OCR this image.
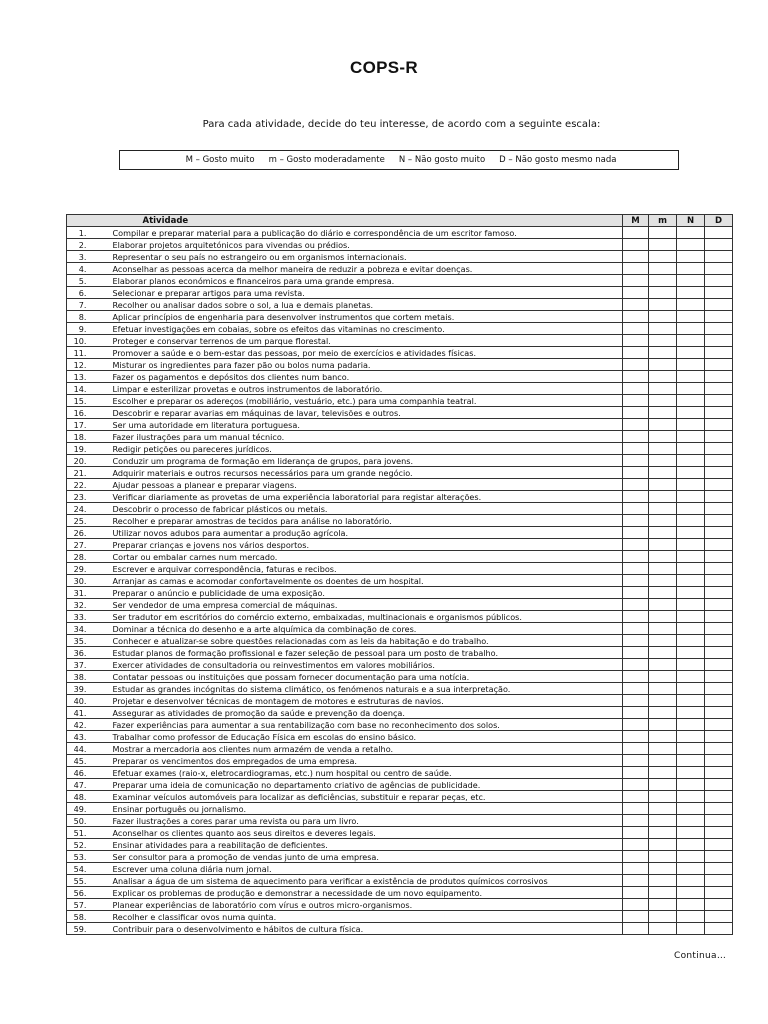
COPS-R
Para cada atividade, decide do teu interesse, de acordo com a seguinte escala:
M – Gosto muito m – Gosto moderadamente N – Não gosto muito D – Não gosto mesmo nada
	Atividade	M	m	N	D
1.	Compilar e preparar material para a publicação do diário e correspondência de um escritor famoso.				
2.	Elaborar projetos arquitetónicos para vivendas ou prédios.				
3.	Representar o seu país no estrangeiro ou em organismos internacionais.				
4.	Aconselhar as pessoas acerca da melhor maneira de reduzir a pobreza e evitar doenças.				
5.	Elaborar planos económicos e financeiros para uma grande empresa.				
6.	Selecionar e preparar artigos para uma revista.				
7.	Recolher ou analisar dados sobre o sol, a lua e demais planetas.				
8.	Aplicar princípios de engenharia para desenvolver instrumentos que cortem metais.				
9.	Efetuar investigações em cobaias, sobre os efeitos das vitaminas no crescimento.				
10.	Proteger e conservar terrenos de um parque florestal.				
11.	Promover a saúde e o bem-estar das pessoas, por meio de exercícios e atividades físicas.				
12.	Misturar os ingredientes para fazer pão ou bolos numa padaria.				
13.	Fazer os pagamentos e depósitos dos clientes num banco.				
14.	Limpar e esterilizar provetas e outros instrumentos de laboratório.				
15.	Escolher e preparar os adereços (mobiliário, vestuário, etc.) para uma companhia teatral.				
16.	Descobrir e reparar avarias em máquinas de lavar, televisões e outros.				
17.	Ser uma autoridade em literatura portuguesa.				
18.	Fazer ilustrações para um manual técnico.				
19.	Redigir petições ou pareceres jurídicos.				
20.	Conduzir um programa de formação em liderança de grupos, para jovens.				
21.	Adquirir materiais e outros recursos necessários para um grande negócio.				
22.	Ajudar pessoas a planear e preparar viagens.				
23.	Verificar diariamente as provetas de uma experiência laboratorial para registar alterações.				
24.	Descobrir o processo de fabricar plásticos ou metais.				
25.	Recolher e preparar amostras de tecidos para análise no laboratório.				
26.	Utilizar novos adubos para aumentar a produção agrícola.				
27.	Preparar crianças e jovens nos vários desportos.				
28.	Cortar ou embalar carnes num mercado.				
29.	Escrever e arquivar correspondência, faturas e recibos.				
30.	Arranjar as camas e acomodar confortavelmente os doentes de um hospital.				
31.	Preparar o anúncio e publicidade de uma exposição.				
32.	Ser vendedor de uma empresa comercial de máquinas.				
33.	Ser tradutor em escritórios do comércio externo, embaixadas, multinacionais e organismos públicos.				
34.	Dominar a técnica do desenho e a arte alquímica da combinação de cores.				
35.	Conhecer e atualizar-se sobre questões relacionadas com as leis da habitação e do trabalho.				
36.	Estudar planos de formação profissional e fazer seleção de pessoal para um posto de trabalho.				
37.	Exercer atividades de consultadoria ou reinvestimentos em valores mobiliários.				
38.	Contatar pessoas ou instituições que possam fornecer documentação para uma notícia.				
39.	Estudar as grandes incógnitas do sistema climático, os fenómenos naturais e a sua interpretação.				
40.	Projetar e desenvolver técnicas de montagem de motores e estruturas de navios.				
41.	Assegurar as atividades de promoção da saúde e prevenção da doença.				
42.	Fazer experiências para aumentar a sua rentabilização com base no reconhecimento dos solos.				
43.	Trabalhar como professor de Educação Física em escolas do ensino básico.				
44.	Mostrar a mercadoria aos clientes num armazém de venda a retalho.				
45.	Preparar os vencimentos dos empregados de uma empresa.				
46.	Efetuar exames (raio-x, eletrocardiogramas, etc.) num hospital ou centro de saúde.				
47.	Preparar uma ideia de comunicação no departamento criativo de agências de publicidade.				
48.	Examinar veículos automóveis para localizar as deficiências, substituir e reparar peças, etc.				
49.	Ensinar português ou jornalismo.				
50.	Fazer ilustrações a cores parar uma revista ou para um livro.				
51.	Aconselhar os clientes quanto aos seus direitos e deveres legais.				
52.	Ensinar atividades para a reabilitação de deficientes.				
53.	Ser consultor para a promoção de vendas junto de uma empresa.				
54.	Escrever uma coluna diária num jornal.				
55.	Analisar a água de um sistema de aquecimento para verificar a existência de produtos químicos corrosivos				
56.	Explicar os problemas de produção e demonstrar a necessidade de um novo equipamento.				
57.	Planear experiências de laboratório com vírus e outros micro-organismos.				
58.	Recolher e classificar ovos numa quinta.				
59.	Contribuir para o desenvolvimento e hábitos de cultura física.				
Continua…
